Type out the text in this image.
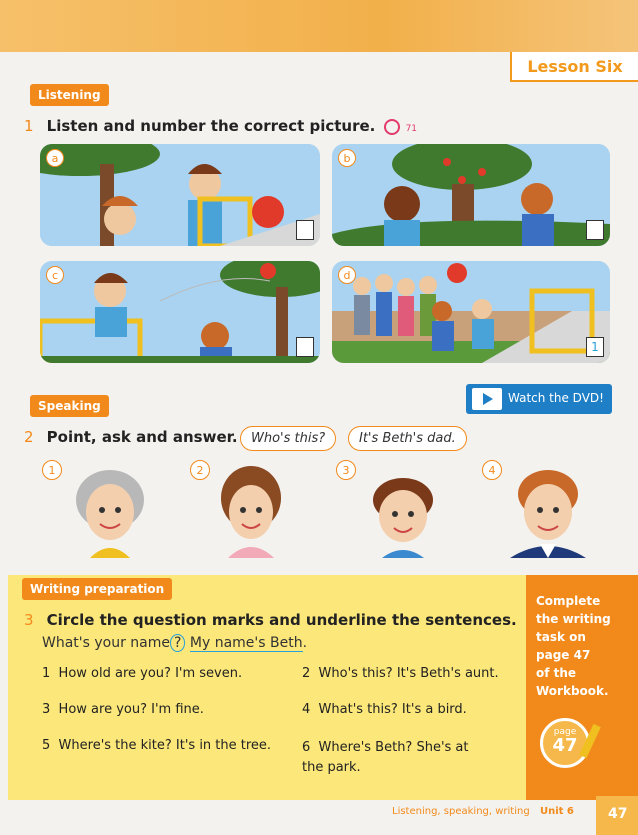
Lesson Six
Listening
1 Listen and number the correct picture.	71
a	b
c	d
1
Speaking
Watch the DVD!
2 Point, ask and answer.	Who's this?	It's Beth's dad.
1	2	3	4
Writing preparation
3 Circle the question marks and underline the sentences.
What's your name ? My name's Beth.
1 How old are you? I'm seven.	2 Who's this? It's Beth's aunt.
3 How are you? I'm fine.	4 What's this? It's a bird.
5 Where's the kite? It's in the tree. 6 Where's Beth? She's at the park.
Complete
the writing
task on
page 47
of the
Workbook.
page
47
Listening, speaking, writing Unit 6 47
